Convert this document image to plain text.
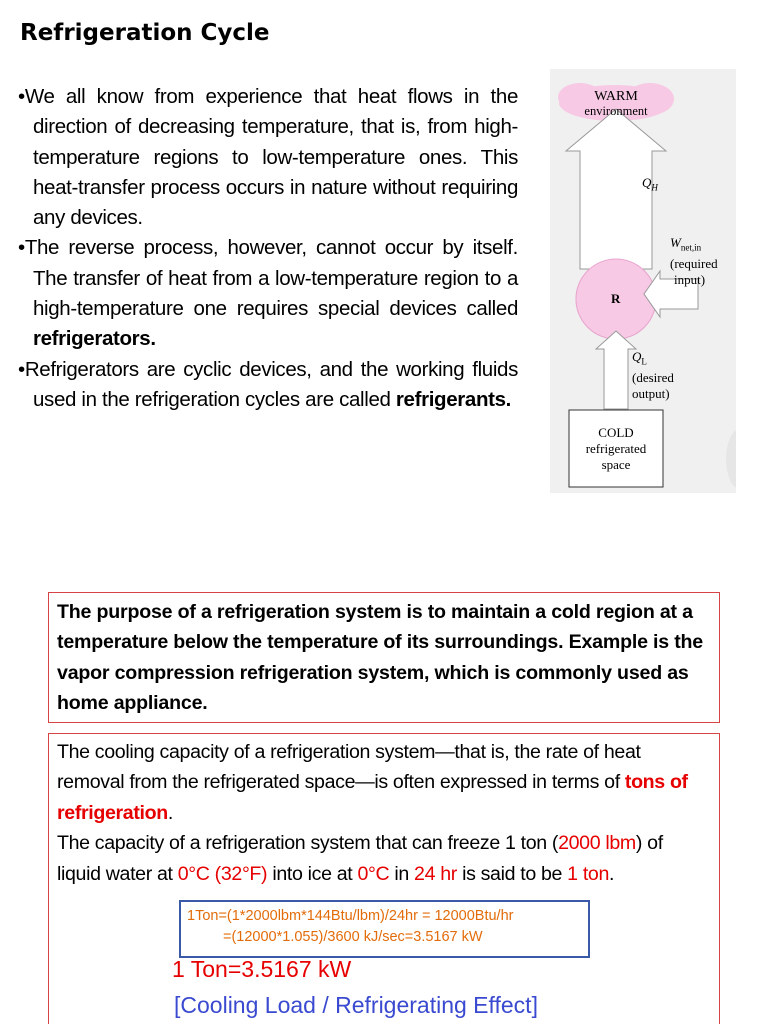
Refrigeration Cycle
•We all know from experience that heat flows in the direction of decreasing temperature, that is, from high-temperature regions to low-temperature ones. This heat-transfer process occurs in nature without requiring any devices.
•The reverse process, however, cannot occur by itself. The transfer of heat from a low-temperature region to a high-temperature one requires special devices called refrigerators.
•Refrigerators are cyclic devices, and the working fluids used in the refrigeration cycles are called refrigerants.
WARM
environment
$Q_H$
$W_{net,in}$
(required
input)
R
$Q_L$
(desired
output)
COLD
refrigerated
space
The purpose of a refrigeration system is to maintain a cold region at a temperature below the temperature of its surroundings. Example is the vapor compression refrigeration system, which is commonly used as home appliance.
The cooling capacity of a refrigeration system—that is, the rate of heat removal from the refrigerated space—is often expressed in terms of tons of refrigeration.
The capacity of a refrigeration system that can freeze 1 ton (2000 lbm) of liquid water at 0°C (32°F) into ice at 0°C in 24 hr is said to be 1 ton.
1Ton=(1*2000lbm*144Btu/lbm)/24hr = 12000Btu/hr
=(12000*1.055)/3600 kJ/sec=3.5167 kW
1 Ton=3.5167 kW
[Cooling Load / Refrigerating Effect]
